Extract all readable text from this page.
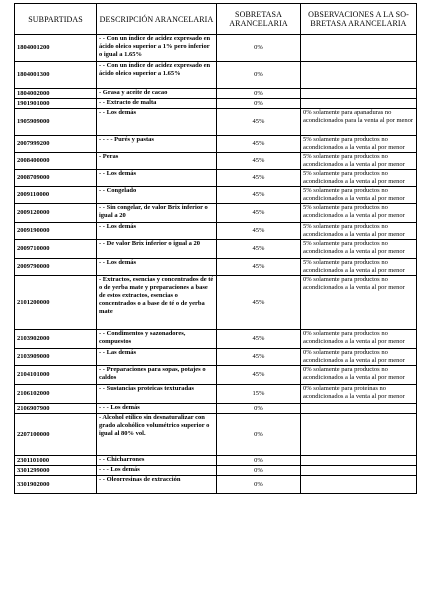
SUBPARTIDAS	DESCRIPCIÓN ARANCELARIA	SOBRETASA ARANCELARIA	OBSERVACIONES A LA SO-BRETASA ARANCELARIA
1804001200	- - Con un índice de acidez expresado en ácido oleico superior a 1% pero inferior o igual a 1.65%	0%	
1804001300	- - Con un índice de acidez expresado en ácido oleico superior a 1.65%	0%	
1804002000	- Grasa y aceite de cacao	0%	
1901901000	- - Extracto de malta	0%	
1905909000	- - Los demás	45%	0% solamente para apanaduras no acondicionados para la venta al por menor
2007999200	- - - - Purés y pastas	45%	5% solamente para productos no acondicionados a la venta al por menor
2008400000	- Peras	45%	5% solamente para productos no acondicionados a la venta al por menor
2008709000	- - Los demás	45%	5% solamente para productos no acondicionados a la venta al por menor
2009110000	- - Congelado	45%	5% solamente para productos no acondicionados a la venta al por menor
2009120000	- - Sin congelar, de valor Brix inferior o igual a 20	45%	5% solamente para productos no acondicionados a la venta al por menor
2009190000	- - Los demás	45%	5% solamente para productos no acondicionados a la venta al por menor
2009710000	- - De valor Brix inferior o igual a 20	45%	5% solamente para productos no acondicionados a la venta al por menor
2009790000	- - Los demás	45%	5% solamente para productos no acondicionados a la venta al por menor
2101200000	- Extractos, esencias y concentrados de té o de yerba mate y preparaciones a base de estos extractos, esencias o concentrados o a base de té o de yerba mate	45%	0% solamente para productos no acondicionados a la venta al por menor
2103902000	- - Condimentos y sazonadores, compuestos	45%	0% solamente para productos no acondicionados a la venta al por menor
2103909000	- - Las demás	45%	0% solamente para productos no acondicionados a la venta al por menor
2104101000	- - Preparaciones para sopas, potajes o caldos	45%	0% solamente para productos no acondicionados a la venta al por menor
2106102000	- - Sustancias proteicas texturadas	15%	0% solamente para proteínas no acondicionados a la venta al por menor
2106907900	- - - Los demás	0%	
2207100000	- Alcohol etílico sin desnaturalizar con grado alcohólico volumétrico superior o igual al 80% vol.	0%	
2301101000	- - Chicharrones	0%	
3301299000	- - - Los demás	0%	
3301902000	- - Oleorresinas de extracción	0%	
